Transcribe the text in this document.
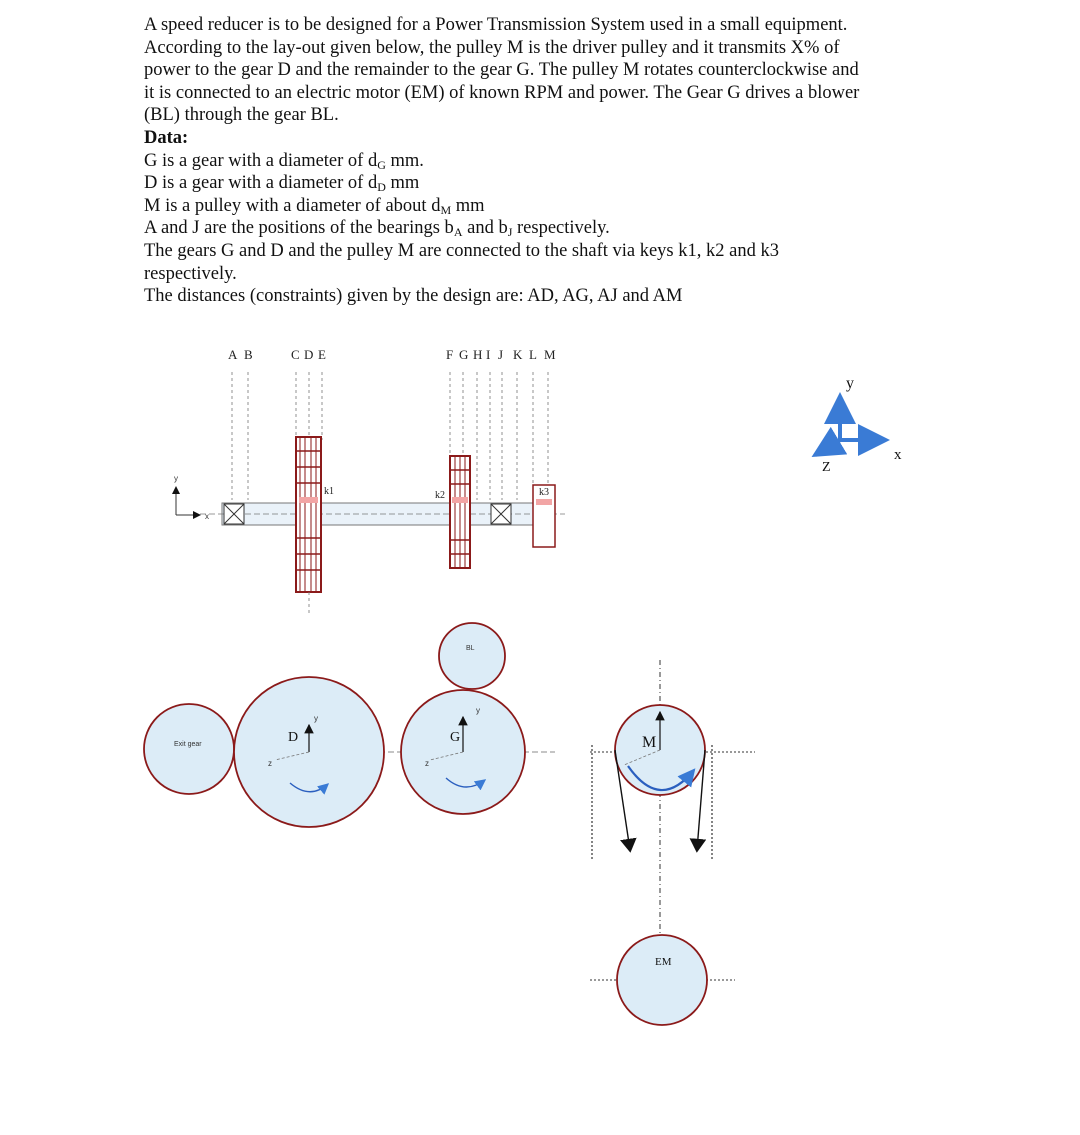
A speed reducer is to be designed for a Power Transmission System used in a small equipment.

According to the lay-out given below, the pulley M is the driver pulley and it transmits X% of

power to the gear D and the remainder to the gear G. The pulley M rotates counterclockwise and

it is connected to an electric motor (EM) of known RPM and power. The Gear G drives a blower

(BL) through the gear BL.

Data:

G is a gear with a diameter of $d_G$ mm.

D is a gear with a diameter of $d_D$ mm

M is a pulley with a diameter of about $d_M$ mm

A and J are the positions of the bearings $b_A$ and $b_J$ respectively.

The gears G and D and the pulley M are connected to the shaft via keys k1, k2 and k3

respectively.

The distances (constraints) given by the design are: AD, AG, AJ and AM

A B	C D E	F G H I J K L M
k1	k2	k3
y
x
y
x
Z
Exit gear	D
y
z
G
y
z
BL
M
EM
